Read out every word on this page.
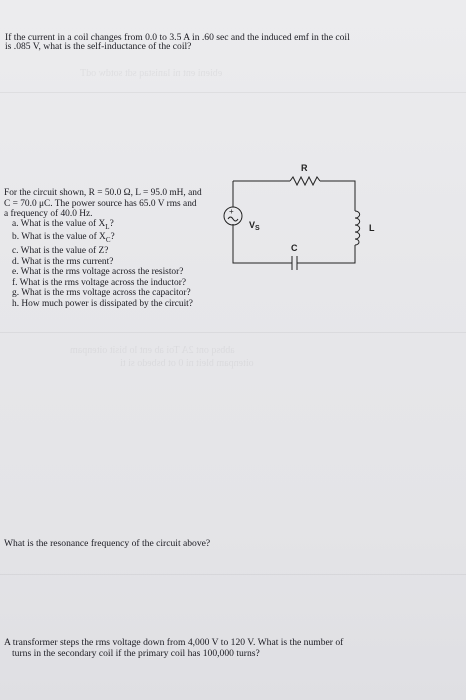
ebieni ent ni lanistaq sdt sotdw odT
abbsq ont 2A Toi ab ent lo bisit oitenpam
oitenpam bleit ni 0 ot bsbedo si ti
If the current in a coil changes from 0.0 to 3.5 A in .60 sec and the induced emf in the coil
is .085 V, what is the self-inductance of the coil?
For the circuit shown, R = 50.0 Ω, L = 95.0 mH, and
C = 70.0 μC. The power source has 65.0 V rms and
a frequency of 40.0 Hz.
a. What is the value of $X_L$?
b. What is the value of $X_C$?
c. What is the value of Z?
d. What is the rms current?
e. What is the rms voltage across the resistor?
f. What is the rms voltage across the inductor?
g. What is the rms voltage across the capacitor?
h. How much power is dissipated by the circuit?
+
$V_S$
R
L
C
What is the resonance frequency of the circuit above?
A transformer steps the rms voltage down from 4,000 V to 120 V. What is the number of
turns in the secondary coil if the primary coil has 100,000 turns?
